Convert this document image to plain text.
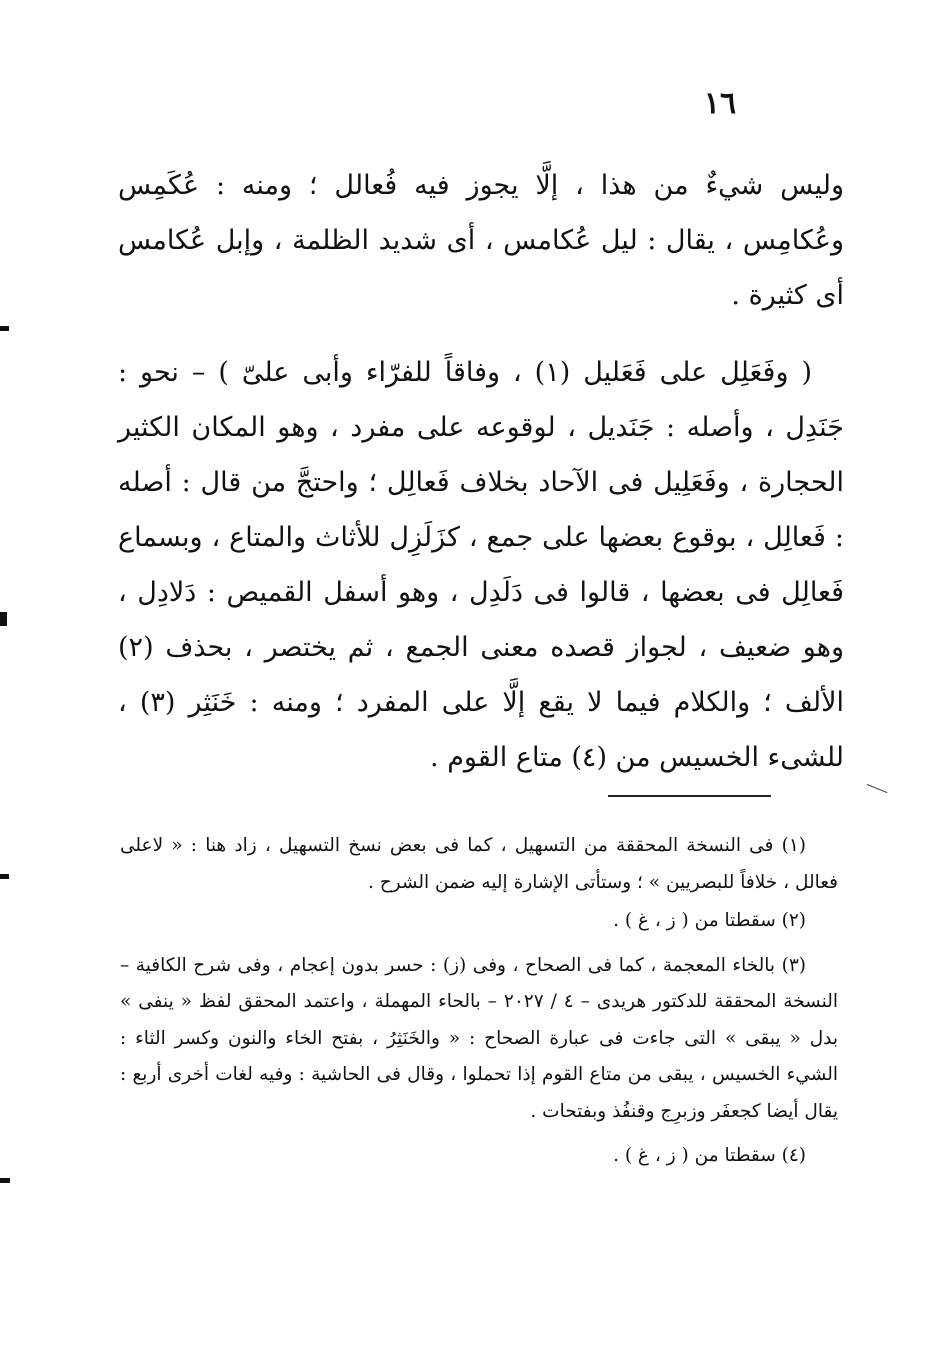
١٦

وليس شيءٌ من هذا ، إلَّا يجوز فيه فُعالل ؛ ومنه : عُكَمِس وعُكامِس ، يقال : ليل عُكامس ، أى شديد الظلمة ، وإبل عُكامس أى كثيرة .

( وفَعَلِل على فَعَليل (١) ، وفاقاً للفرّاء وأبى علىّ ) – نحو : جَنَدِل ، وأصله : جَنَديل ، لوقوعه على مفرد ، وهو المكان الكثير الحجارة ، وفَعَلِيل فى الآحاد بخلاف فَعالِل ؛ واحتجَّ من قال : أصله : فَعالِل ، بوقوع بعضها على جمع ، كزَلَزِل للأثاث والمتاع ، وبسماع فَعالِل فى بعضها ، قالوا فى دَلَدِل ، وهو أسفل القميص : دَلادِل ، وهو ضعيف ، لجواز قصده معنى الجمع ، ثم يختصر ، بحذف (٢) الألف ؛ والكلام فيما لا يقع إلَّا على المفرد ؛ ومنه : خَنَثِر (٣) ، للشىء الخسيس من (٤) متاع القوم .

(١) فى النسخة المحققة من التسهيل ، كما فى بعض نسخ التسهيل ، زاد هنا : « لاعلى فعالل ، خلافاً للبصريين » ؛ وستأتى الإشارة إليه ضمن الشرح .

(٢) سقطتا من ( ز ، غ ) .

(٣) بالخاء المعجمة ، كما فى الصحاح ، وفى (ز) : حسر بدون إعجام ، وفى شرح الكافية – النسخة المحققة للدكتور هريدى – ٤ / ٢٠٢٧ – بالحاء المهملة ، واعتمد المحقق لفظ « ينفى » بدل « يبقى » التى جاءت فى عبارة الصحاح : « والخَنَثِرُ ، بفتح الخاء والنون وكسر الثاء : الشيء الخسيس ، يبقى من متاع القوم إذا تحملوا ، وقال فى الحاشية : وفيه لغات أخرى أربع : يقال أيضا كجعفَر وزبرِج وقنفُذ وبفتحات .

(٤) سقطتا من ( ز ، غ ) .
